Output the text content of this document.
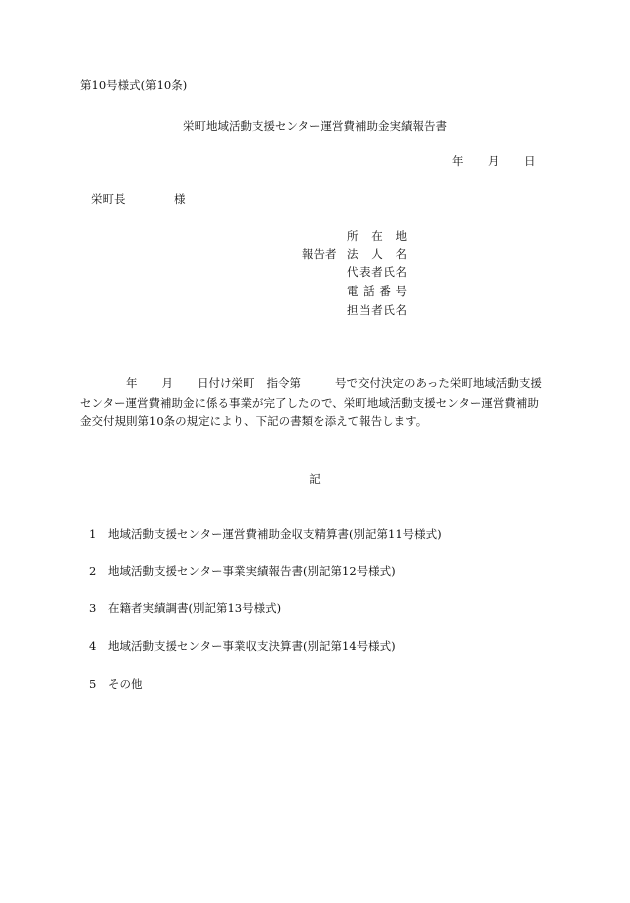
第10号様式(第10条)
栄町地域活動支援センター運営費補助金実績報告書
年 月 日
栄町長	様
報告者
所 在 地
法 人 名
代 表 者 氏 名
電 話 番 号
担 当 者 氏 名
年 月 日付け栄町 指令第	号で交付決定のあった栄町地域活動支援
センター運営費補助金に係る事業が完了したので、栄町地域活動支援センター運営費補助
金交付規則第10条の規定により、下記の書類を添えて報告します。
記
1 地域活動支援センター運営費補助金収支精算書(別記第11号様式)
2 地域活動支援センター事業実績報告書(別記第12号様式)
3 在籍者実績調書(別記第13号様式)
4 地域活動支援センター事業収支決算書(別記第14号様式)
5 その他
